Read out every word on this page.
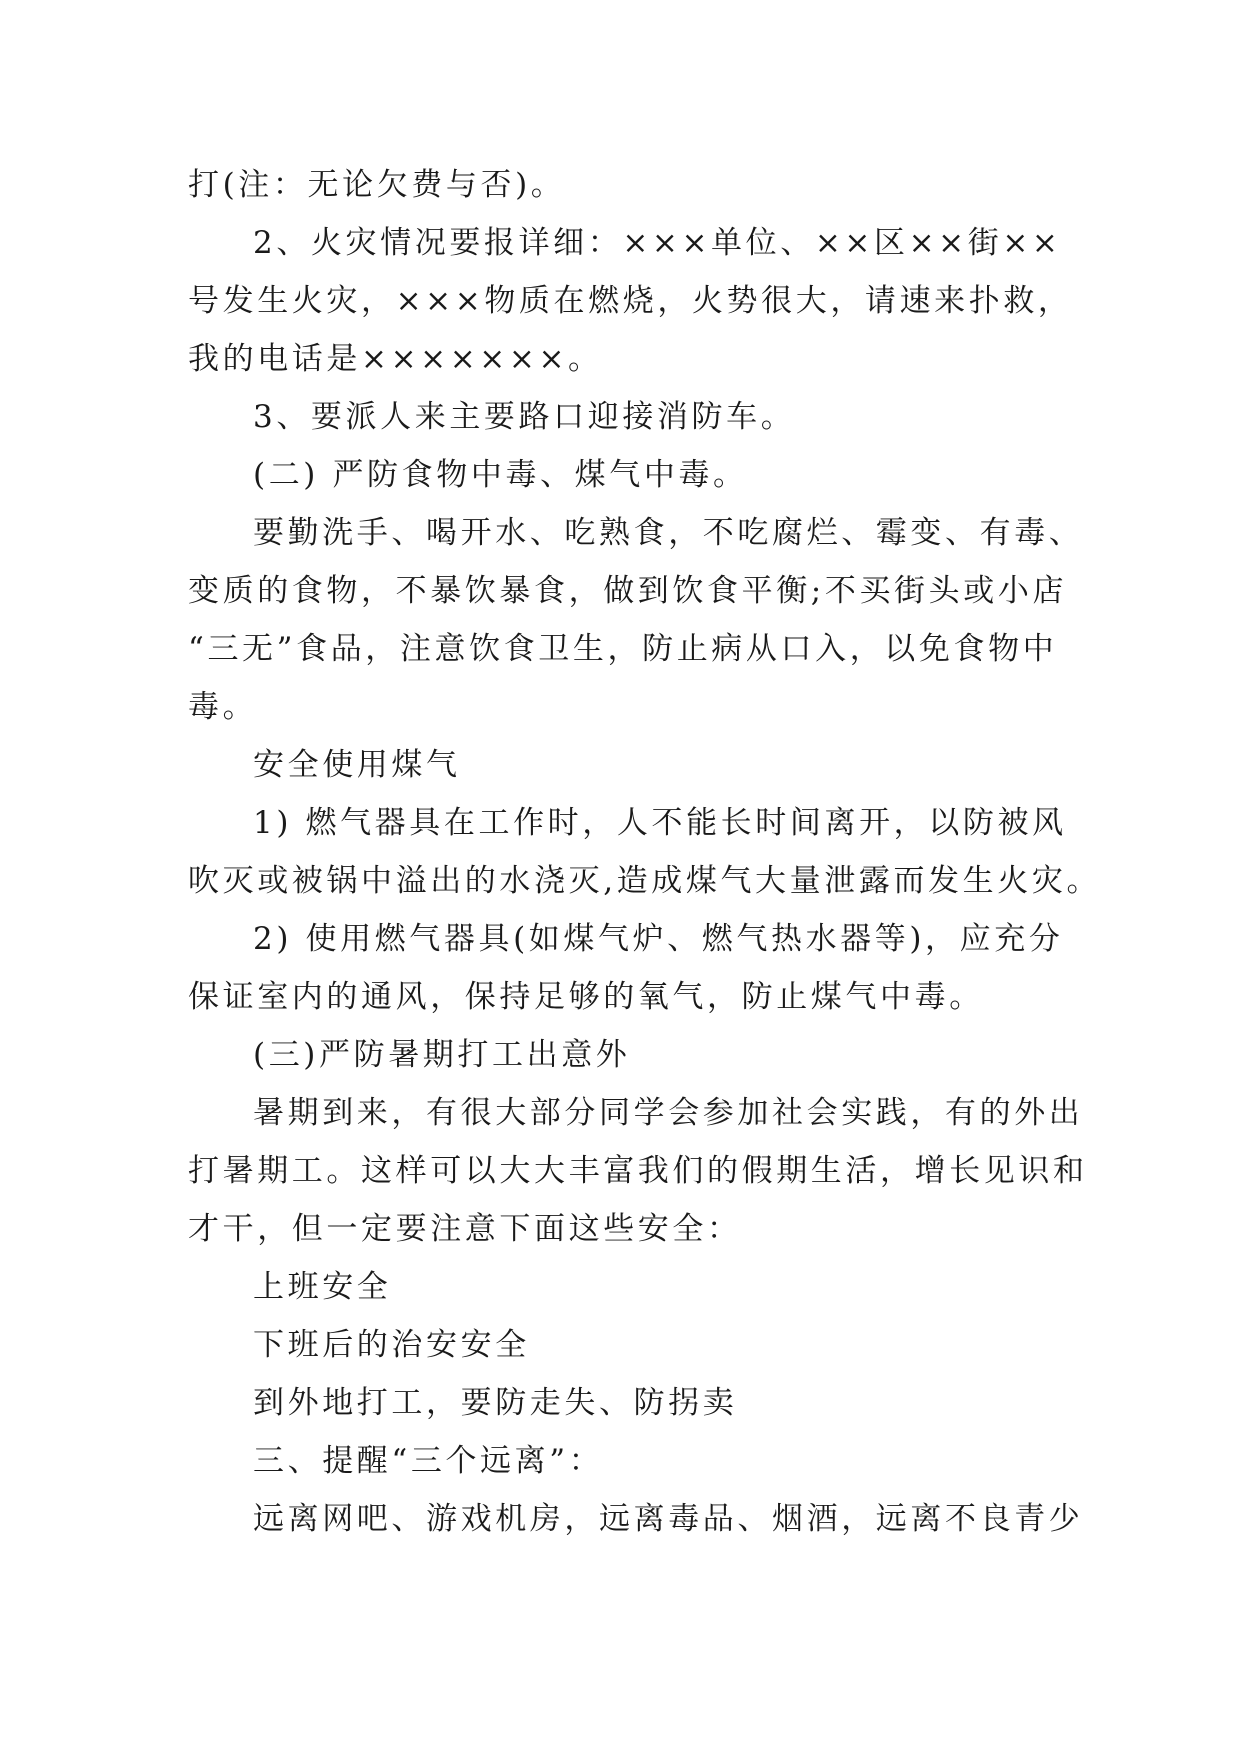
打(注：无论欠费与否)。
2、火灾情况要报详细：×××单位、××区××街××
号发生火灾，×××物质在燃烧，火势很大，请速来扑救，
我的电话是×××××××。
3、要派人来主要路口迎接消防车。
(二) 严防食物中毒、煤气中毒。
要勤洗手、喝开水、吃熟食，不吃腐烂、霉变、有毒、
变质的食物，不暴饮暴食，做到饮食平衡;不买街头或小店
“三无”食品，注意饮食卫生，防止病从口入，以免食物中
毒。
安全使用煤气
1) 燃气器具在工作时，人不能长时间离开，以防被风
吹灭或被锅中溢出的水浇灭,造成煤气大量泄露而发生火灾。
2) 使用燃气器具(如煤气炉、燃气热水器等)，应充分
保证室内的通风，保持足够的氧气，防止煤气中毒。
(三)严防暑期打工出意外
暑期到来，有很大部分同学会参加社会实践，有的外出
打暑期工。这样可以大大丰富我们的假期生活，增长见识和
才干，但一定要注意下面这些安全：
上班安全
下班后的治安安全
到外地打工，要防走失、防拐卖
三、提醒“三个远离”：
远离网吧、游戏机房，远离毒品、烟酒，远离不良青少
